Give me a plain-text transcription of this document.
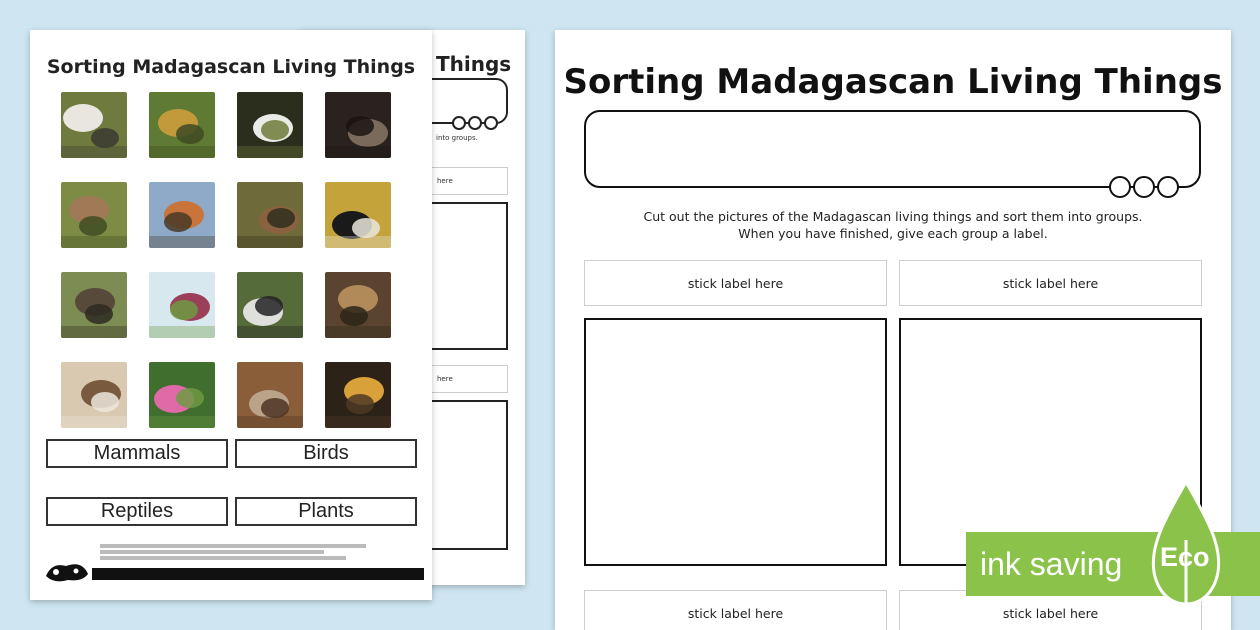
Things
into groups.
here
here
Sorting Madagascan Living Things
Mammals	Birds
Reptiles	Plants
Sorting Madagascan Living Things
Cut out the pictures of the Madagascan living things and sort them into groups.
When you have finished, give each group a label.
stick label here	stick label here
stick label here	stick label here
ink saving Eco
